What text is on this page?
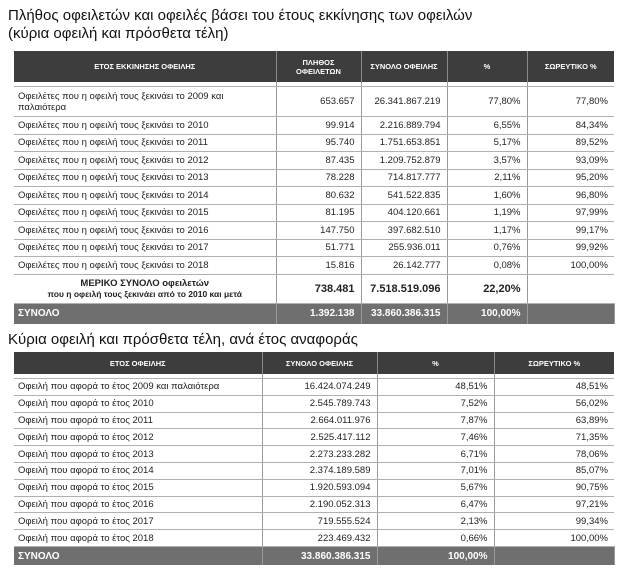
Πλήθος οφειλετών και οφειλές βάσει του έτους εκκίνησης των οφειλών
(κύρια οφειλή και πρόσθετα τέλη)
ΕΤΟΣ ΕΚΚΙΝΗΣΗΣ ΟΦΕΙΛΗΣ	ΠΛΗΘΟΣ ΟΦΕΙΛΕΤΩΝ	ΣΥΝΟΛΟ ΟΦΕΙΛΗΣ	%	ΣΩΡΕΥΤΙΚΟ %

Οφειλέτες που η οφειλή τους ξεκινάει το 2009 και παλαιότερα	653.657	26.341.867.219	77,80%	77,80%
Οφειλέτες που η οφειλή τους ξεκινάει το 2010	99.914	2.216.889.794	6,55%	84,34%
Οφειλέτες που η οφειλή τους ξεκινάει το 2011	95.740	1.751.653.851	5,17%	89,52%
Οφειλέτες που η οφειλή τους ξεκινάει το 2012	87.435	1.209.752.879	3,57%	93,09%
Οφειλέτες που η οφειλή τους ξεκινάει το 2013	78.228	714.817.777	2,11%	95,20%
Οφειλέτες που η οφειλή τους ξεκινάει το 2014	80.632	541.522.835	1,60%	96,80%
Οφειλέτες που η οφειλή τους ξεκινάει το 2015	81.195	404.120.661	1,19%	97,99%
Οφειλέτες που η οφειλή τους ξεκινάει το 2016	147.750	397.682.510	1,17%	99,17%
Οφειλέτες που η οφειλή τους ξεκινάει το 2017	51.771	255.936.011	0,76%	99,92%
Οφειλέτες που η οφειλή τους ξεκινάει το 2018	15.816	26.142.777	0,08%	100,00%
ΜΕΡΙΚΟ ΣΥΝΟΛΟ οφειλετών
που η οφειλή τους ξεκινάει από το 2010 και μετά	738.481	7.518.519.096	22,20%	
ΣΥΝΟΛΟ	1.392.138	33.860.386.315	100,00%	
Κύρια οφειλή και πρόσθετα τέλη, ανά έτος αναφοράς
ΕΤΟΣ ΟΦΕΙΛΗΣ	ΣΥΝΟΛΟ ΟΦΕΙΛΗΣ	%	ΣΩΡΕΥΤΙΚΟ %

Οφειλή που αφορά το έτος 2009 και παλαιότερα	16.424.074.249	48,51%	48,51%
Οφειλή που αφορά το έτος 2010	2.545.789.743	7,52%	56,02%
Οφειλή που αφορά το έτος 2011	2.664.011.976	7,87%	63,89%
Οφειλή που αφορά το έτος 2012	2.525.417.112	7,46%	71,35%
Οφειλή που αφορά το έτος 2013	2.273.233.282	6,71%	78,06%
Οφειλή που αφορά το έτος 2014	2.374.189.589	7,01%	85,07%
Οφειλή που αφορά το έτος 2015	1.920.593.094	5,67%	90,75%
Οφειλή που αφορά το έτος 2016	2.190.052.313	6,47%	97,21%
Οφειλή που αφορά το έτος 2017	719.555.524	2,13%	99,34%
Οφειλή που αφορά το έτος 2018	223.469.432	0,66%	100,00%
ΣΥΝΟΛΟ	33.860.386.315	100,00%	
